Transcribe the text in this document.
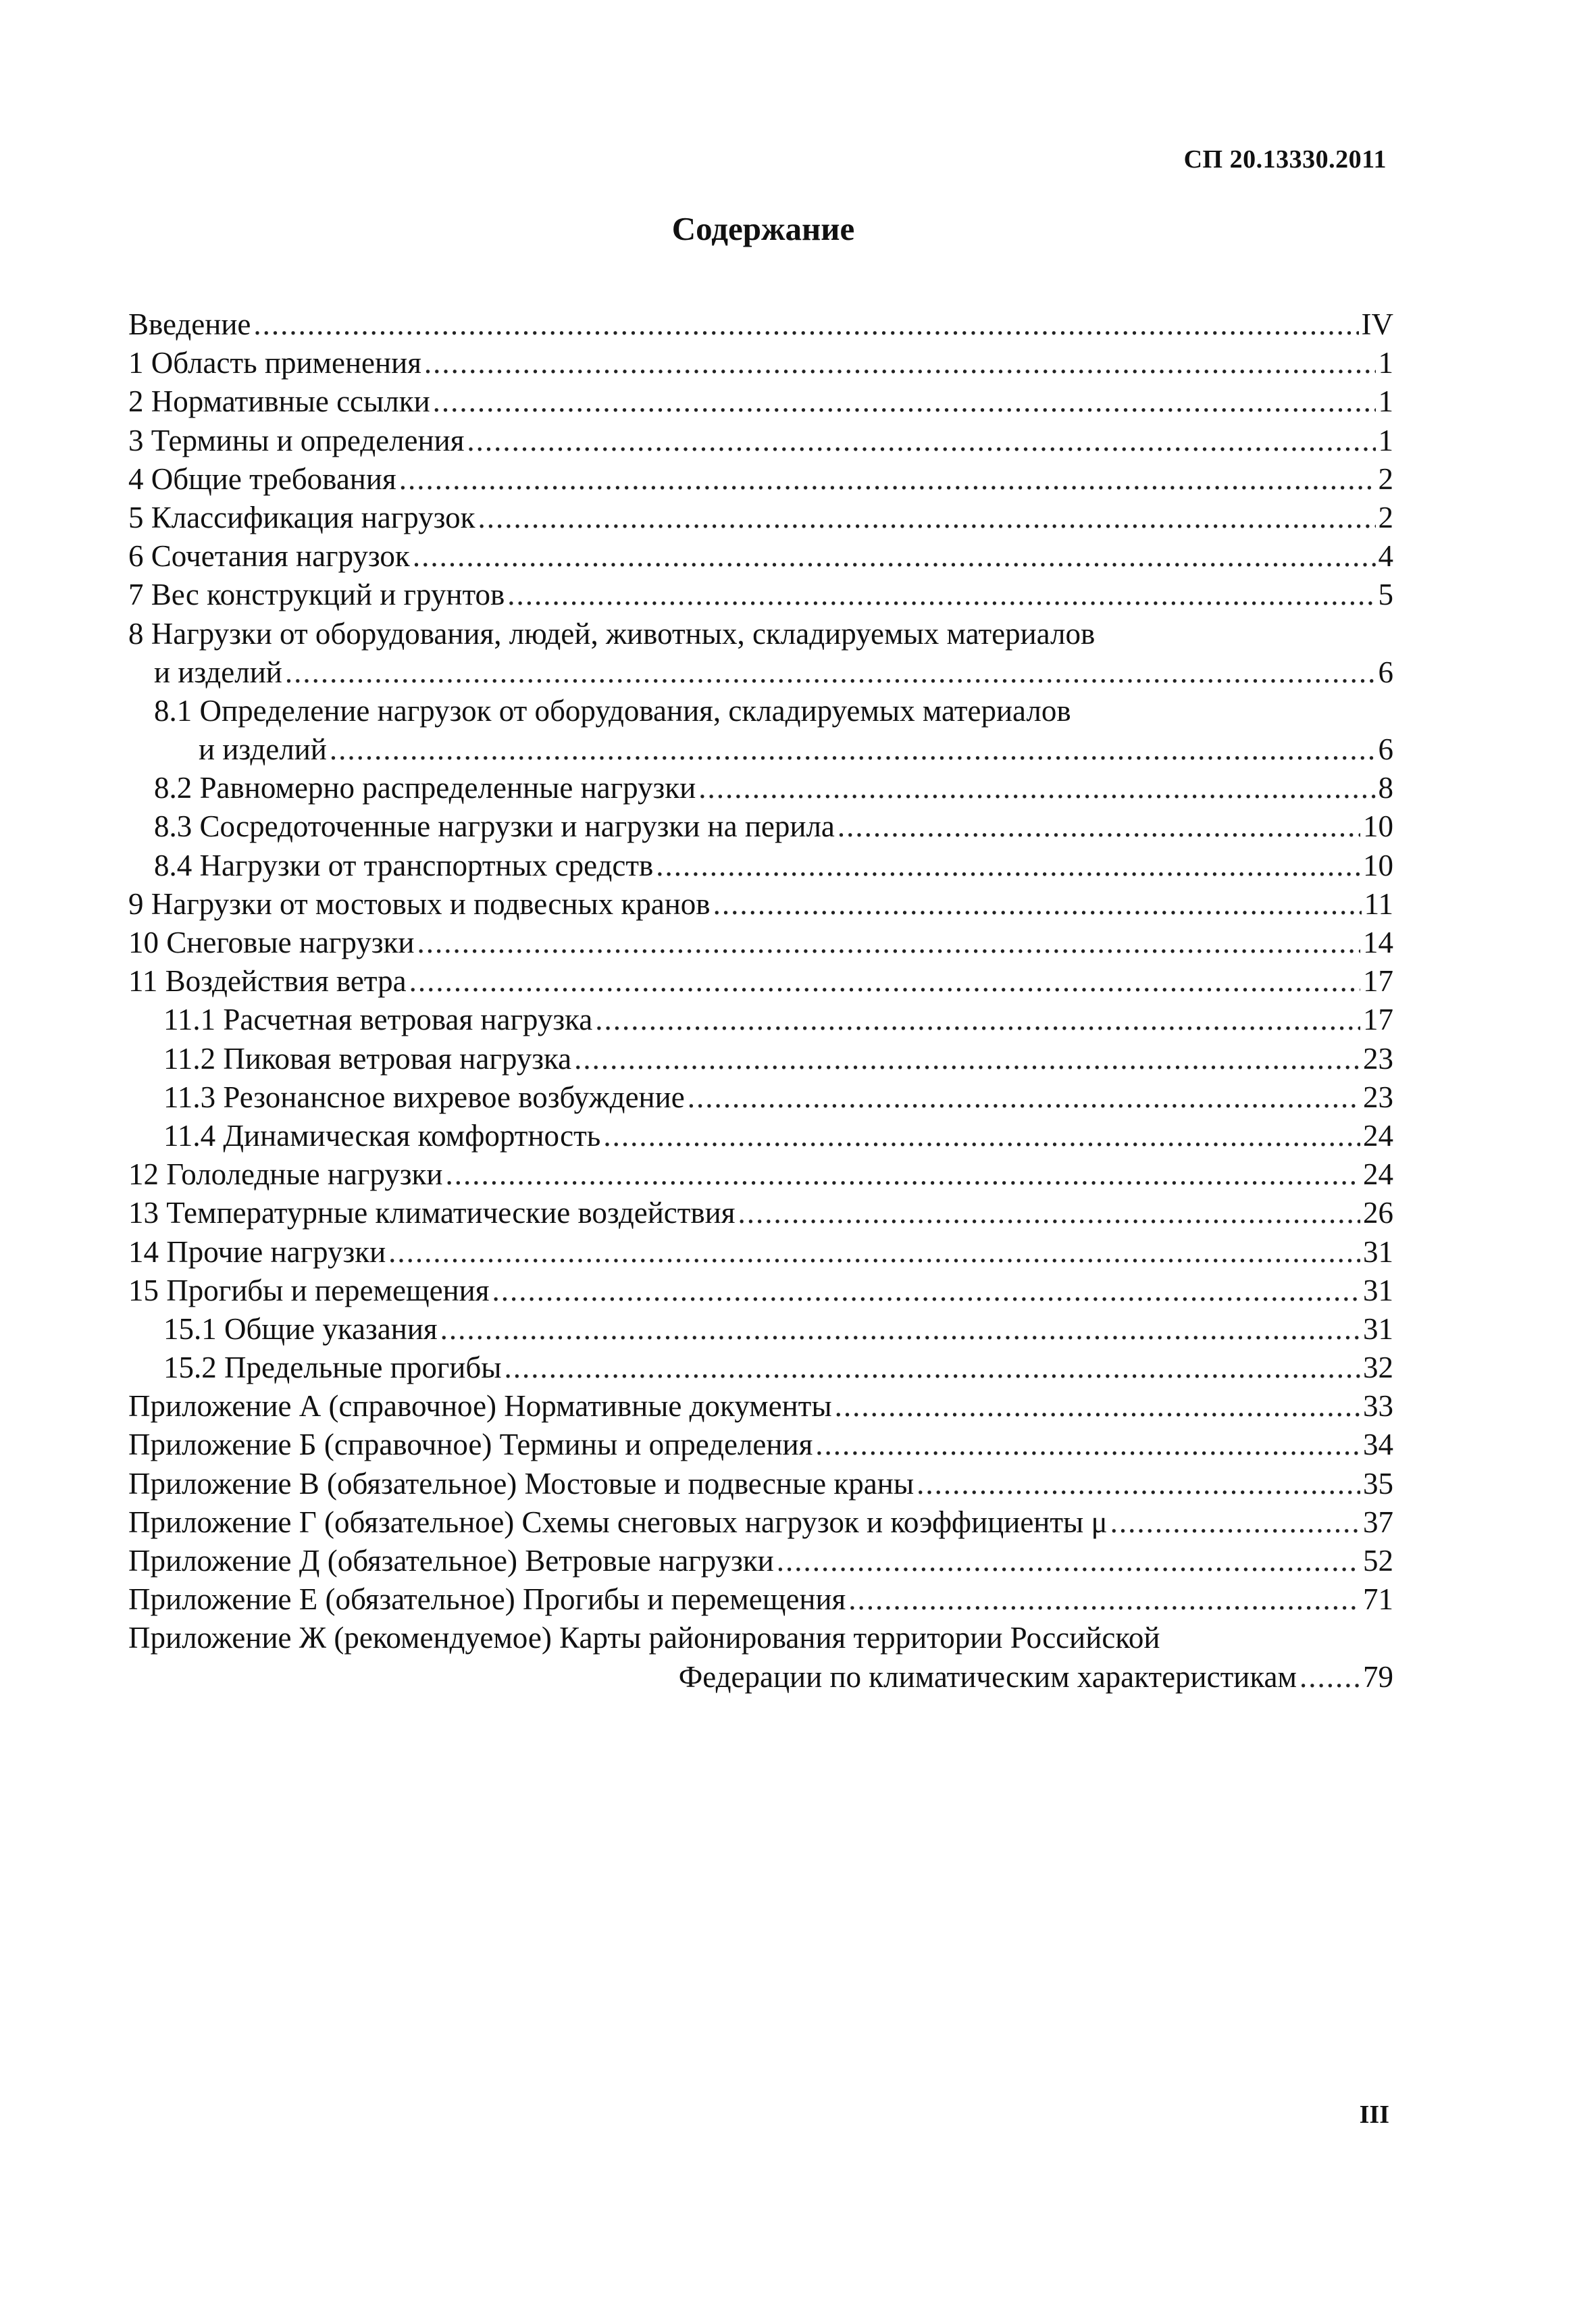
СП 20.13330.2011
Содержание
Введение .....	IV
1 Область применения .....	1
2 Нормативные ссылки .....	1
3 Термины и определения .....	1
4 Общие требования .....	2
5 Классификация нагрузок .....	2
6 Сочетания нагрузок .....	4
7 Вес конструкций и грунтов .....	5
8 Нагрузки от оборудования, людей, животных, складируемых материалов
и изделий .....	6
8.1 Определение нагрузок от оборудования, складируемых материалов
и изделий .....	6
8.2 Равномерно распределенные нагрузки .....	8
8.3 Сосредоточенные нагрузки и нагрузки на перила .....	10
8.4 Нагрузки от транспортных средств .....	10
9 Нагрузки от мостовых и подвесных кранов .....	11
10 Снеговые нагрузки .....	14
11 Воздействия ветра .....	17
11.1 Расчетная ветровая нагрузка .....	17
11.2 Пиковая ветровая нагрузка .....	23
11.3 Резонансное вихревое возбуждение .....	23
11.4 Динамическая комфортность .....	24
12 Гололедные нагрузки .....	24
13 Температурные климатические воздействия .....	26
14 Прочие нагрузки .....	31
15 Прогибы и перемещения .....	31
15.1 Общие указания .....	31
15.2 Предельные прогибы .....	32
Приложение А (справочное) Нормативные документы .....	33
Приложение Б (справочное) Термины и определения .....	34
Приложение В (обязательное) Мостовые и подвесные краны .....	35
Приложение Г (обязательное) Схемы снеговых нагрузок и коэффициенты μ .....	37
Приложение Д (обязательное) Ветровые нагрузки .....	52
Приложение Е (обязательное) Прогибы и перемещения .....	71
Приложение Ж (рекомендуемое) Карты районирования территории Российской
Федерации по климатическим характеристикам ..... 79
III
